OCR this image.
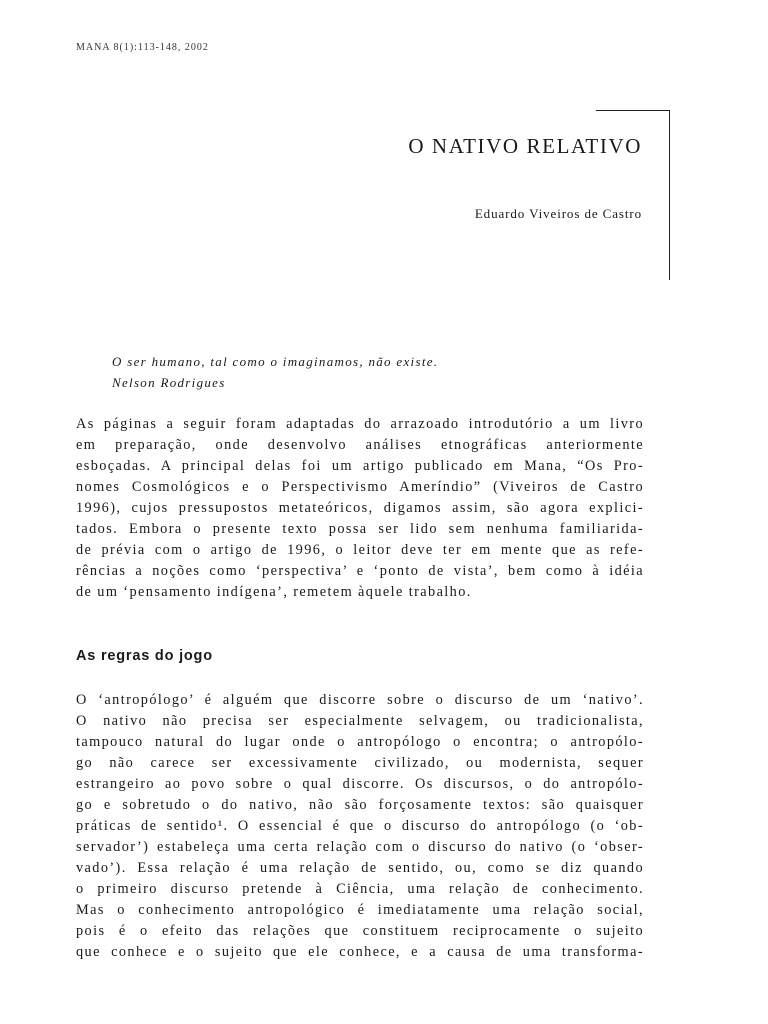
MANA 8(1):113-148, 2002
O NATIVO RELATIVO
Eduardo Viveiros de Castro
O ser humano, tal como o imaginamos, não existe.
Nelson Rodrigues
As páginas a seguir foram adaptadas do arrazoado introdutório a um livro
em preparação, onde desenvolvo análises etnográficas anteriormente
esboçadas. A principal delas foi um artigo publicado em Mana, “Os Pro-
nomes Cosmológicos e o Perspectivismo Ameríndio” (Viveiros de Castro
1996), cujos pressupostos metateóricos, digamos assim, são agora explici-
tados. Embora o presente texto possa ser lido sem nenhuma familiarida-
de prévia com o artigo de 1996, o leitor deve ter em mente que as refe-
rências a noções como ‘perspectiva’ e ‘ponto de vista’, bem como à idéia
de um ‘pensamento indígena’, remetem àquele trabalho.
As regras do jogo
O ‘antropólogo’ é alguém que discorre sobre o discurso de um ‘nativo’.
O nativo não precisa ser especialmente selvagem, ou tradicionalista,
tampouco natural do lugar onde o antropólogo o encontra; o antropólo-
go não carece ser excessivamente civilizado, ou modernista, sequer
estrangeiro ao povo sobre o qual discorre. Os discursos, o do antropólo-
go e sobretudo o do nativo, não são forçosamente textos: são quaisquer
práticas de sentido¹. O essencial é que o discurso do antropólogo (o ‘ob-
servador’) estabeleça uma certa relação com o discurso do nativo (o ‘obser-
vado’). Essa relação é uma relação de sentido, ou, como se diz quando
o primeiro discurso pretende à Ciência, uma relação de conhecimento.
Mas o conhecimento antropológico é imediatamente uma relação social,
pois é o efeito das relações que constituem reciprocamente o sujeito
que conhece e o sujeito que ele conhece, e a causa de uma transforma-
